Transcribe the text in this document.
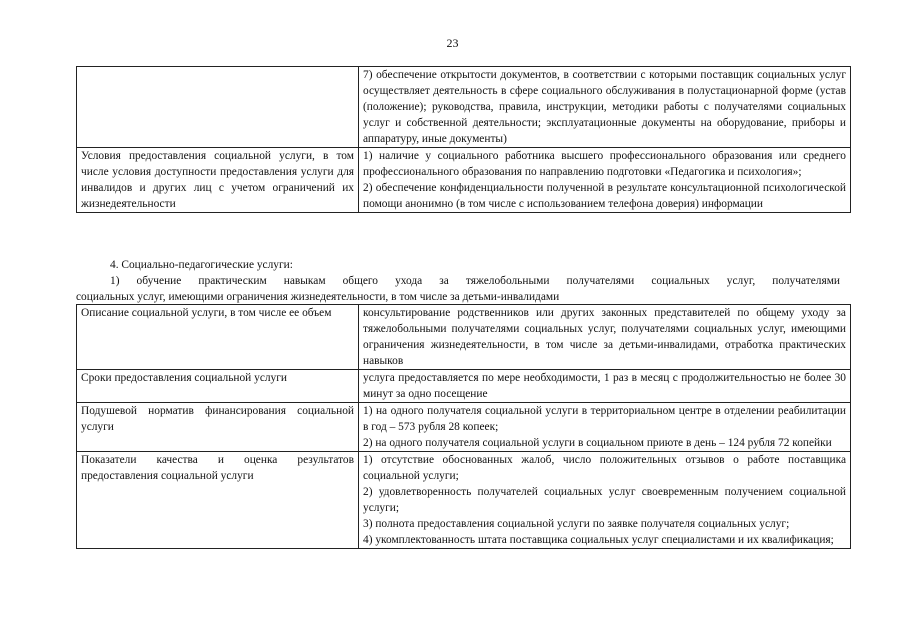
23

	7) обеспечение открытости документов, в соответствии с которыми поставщик социальных услуг осуществляет деятельность в сфере социального обслуживания в полустационарной форме (устав (положение); руководства, правила, инструкции, методики работы с получателями социальных услуг и собственной деятельности; эксплуатационные документы на оборудование, приборы и аппаратуру, иные документы)

Условия предоставления социальной услуги, в том числе условия доступности предоставления услуги для инвалидов и других лиц с учетом ограничений их жизнедеятельности	1) наличие у социального работника высшего профессионального образования или среднего профессионального образования по направлению подготовки «Педагогика и психология»;

2) обеспечение конфиденциальности полученной в результате консультационной психологической помощи анонимно (в том числе с использованием телефона доверия) информации

4. Социально-педагогические услуги:

1) обучение практическим навыкам общего ухода за тяжелобольными получателями социальных услуг, получателями

социальных услуг, имеющими ограничения жизнедеятельности, в том числе за детьми-инвалидами

Описание социальной услуги, в том числе ее объем	консультирование родственников или других законных представителей по общему уходу за тяжелобольными получателями социальных услуг, получателями социальных услуг, имеющими ограничения жизнедеятельности, в том числе за детьми-инвалидами, отработка практических навыков

Сроки предоставления социальной услуги	услуга предоставляется по мере необходимости, 1 раз в месяц с продолжительностью не более 30 минут за одно посещение

Подушевой норматив финансирования социальной услуги	1) на одного получателя социальной услуги в территориальном центре в отделении реабилитации в год – 573 рубля 28 копеек;

2) на одного получателя социальной услуги в социальном приюте в день – 124 рубля 72 копейки

Показатели качества и оценка результатов предоставления социальной услуги	1) отсутствие обоснованных жалоб, число положительных отзывов о работе поставщика социальной услуги;

2) удовлетворенность получателей социальных услуг своевременным получением социальной услуги;

3) полнота предоставления социальной услуги по заявке получателя социальных услуг;

4) укомплектованность штата поставщика социальных услуг специалистами и их квалификация;
